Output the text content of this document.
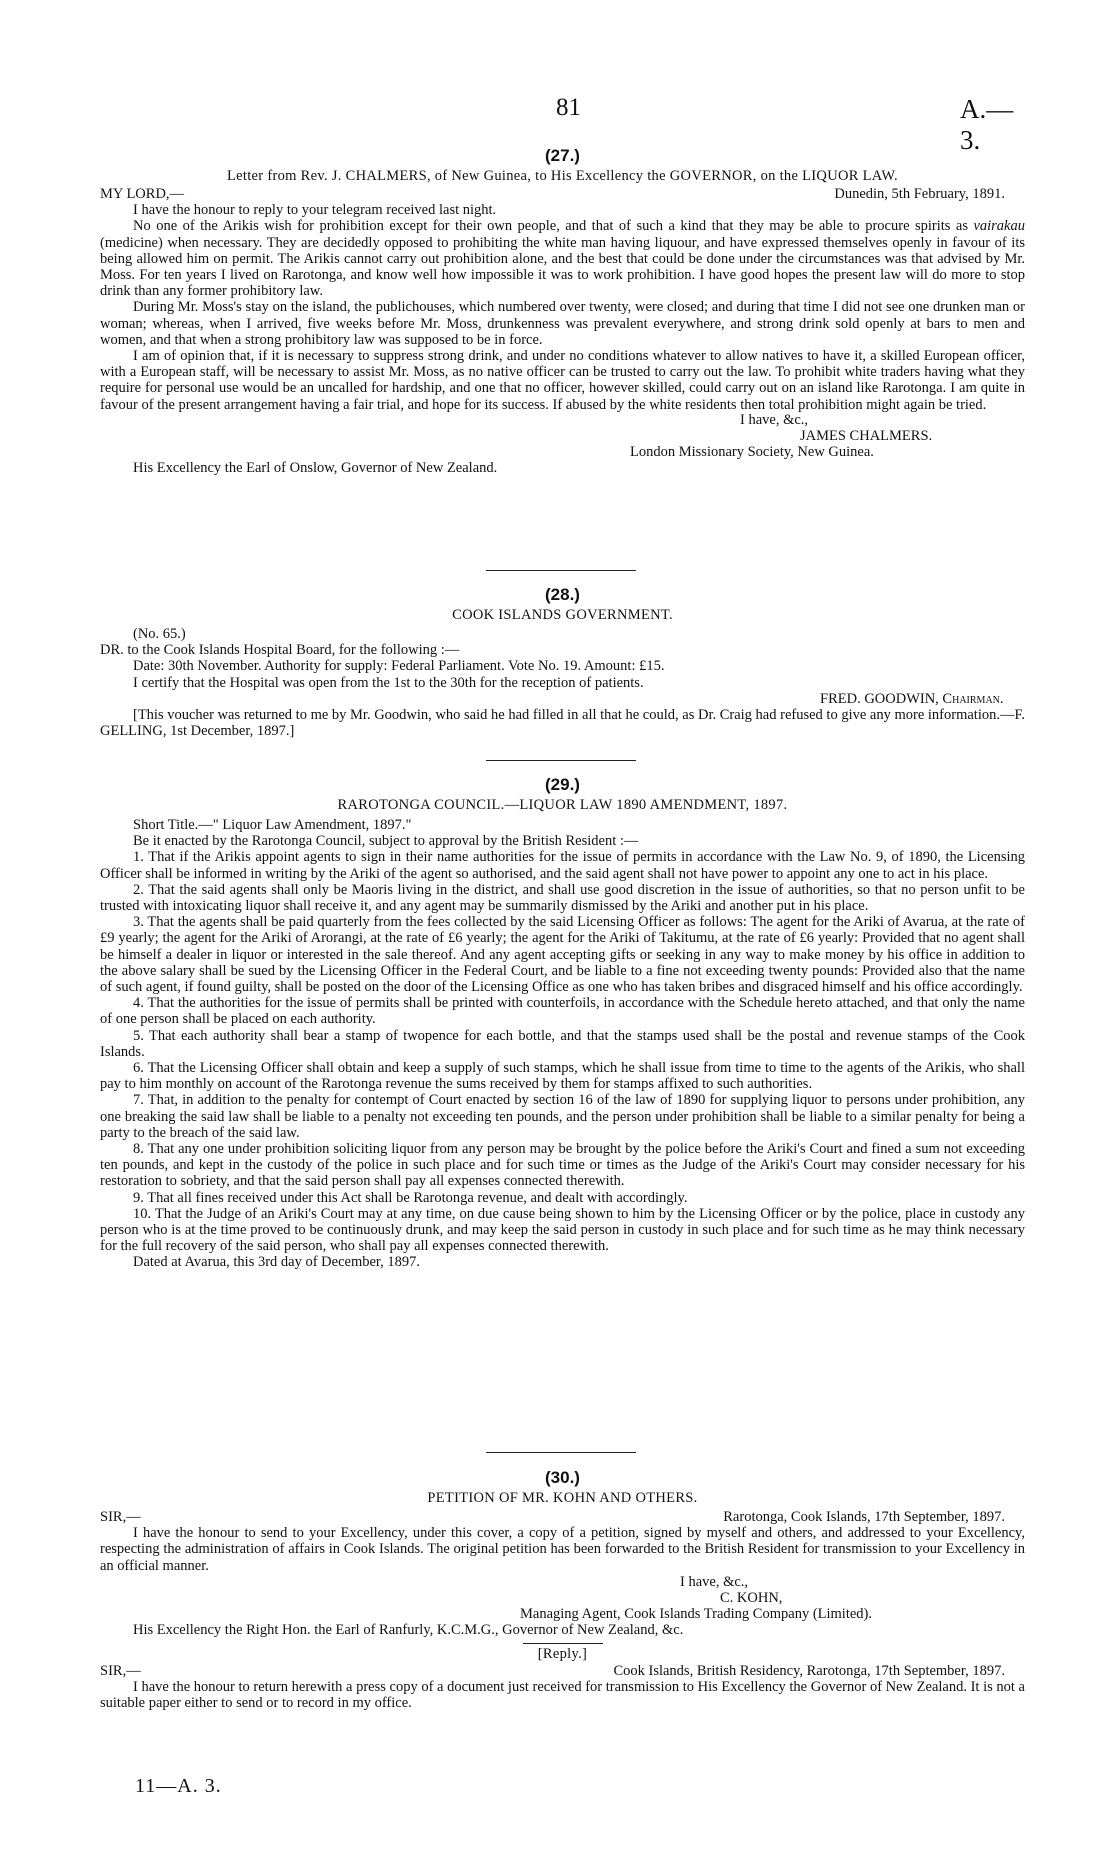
81	A.—3.
(27.)
Letter from Rev. J. CHALMERS, of New Guinea, to His Excellency the GOVERNOR, on the LIQUOR LAW.
MY LORD,—	Dunedin, 5th February, 1891.

I have the honour to reply to your telegram received last night.

No one of the Arikis wish for prohibition except for their own people, and that of such a kind that they may be able to procure spirits as vairakau (medicine) when necessary. They are decidedly opposed to prohibiting the white man having liquour, and have expressed themselves openly in favour of its being allowed him on permit. The Arikis cannot carry out prohibition alone, and the best that could be done under the circumstances was that advised by Mr. Moss. For ten years I lived on Rarotonga, and know well how impossible it was to work prohibition. I have good hopes the present law will do more to stop drink than any former prohibitory law.

During Mr. Moss's stay on the island, the publichouses, which numbered over twenty, were closed; and during that time I did not see one drunken man or woman; whereas, when I arrived, five weeks before Mr. Moss, drunkenness was prevalent everywhere, and strong drink sold openly at bars to men and women, and that when a strong prohibitory law was supposed to be in force.

I am of opinion that, if it is necessary to suppress strong drink, and under no conditions whatever to allow natives to have it, a skilled European officer, with a European staff, will be necessary to assist Mr. Moss, as no native officer can be trusted to carry out the law. To prohibit white traders having what they require for personal use would be an uncalled for hardship, and one that no officer, however skilled, could carry out on an island like Rarotonga. I am quite in favour of the present arrangement having a fair trial, and hope for its success. If abused by the white residents then total prohibition might again be tried.

I have, &c.,
JAMES CHALMERS.
London Missionary Society, New Guinea.
His Excellency the Earl of Onslow, Governor of New Zealand.
(28.)
COOK ISLANDS GOVERNMENT.
(No. 65.)
DR. to the Cook Islands Hospital Board, for the following :—
Date: 30th November. Authority for supply: Federal Parliament. Vote No. 19. Amount: £15.
I certify that the Hospital was open from the 1st to the 30th for the reception of patients.
FRED. GOODWIN, Chairman.

[This voucher was returned to me by Mr. Goodwin, who said he had filled in all that he could, as Dr. Craig had refused to give any more information.—F. GELLING, 1st December, 1897.]

(29.)
RAROTONGA COUNCIL.—LIQUOR LAW 1890 AMENDMENT, 1897.

Short Title.—" Liquor Law Amendment, 1897."

Be it enacted by the Rarotonga Council, subject to approval by the British Resident :—

1. That if the Arikis appoint agents to sign in their name authorities for the issue of permits in accordance with the Law No. 9, of 1890, the Licensing Officer shall be informed in writing by the Ariki of the agent so authorised, and the said agent shall not have power to appoint any one to act in his place.

2. That the said agents shall only be Maoris living in the district, and shall use good discretion in the issue of authorities, so that no person unfit to be trusted with intoxicating liquor shall receive it, and any agent may be summarily dismissed by the Ariki and another put in his place.

3. That the agents shall be paid quarterly from the fees collected by the said Licensing Officer as follows: The agent for the Ariki of Avarua, at the rate of £9 yearly; the agent for the Ariki of Arorangi, at the rate of £6 yearly; the agent for the Ariki of Takitumu, at the rate of £6 yearly: Provided that no agent shall be himself a dealer in liquor or interested in the sale thereof. And any agent accepting gifts or seeking in any way to make money by his office in addition to the above salary shall be sued by the Licensing Officer in the Federal Court, and be liable to a fine not exceeding twenty pounds: Provided also that the name of such agent, if found guilty, shall be posted on the door of the Licensing Office as one who has taken bribes and disgraced himself and his office accordingly.

4. That the authorities for the issue of permits shall be printed with counterfoils, in accordance with the Schedule hereto attached, and that only the name of one person shall be placed on each authority.

5. That each authority shall bear a stamp of twopence for each bottle, and that the stamps used shall be the postal and revenue stamps of the Cook Islands.

6. That the Licensing Officer shall obtain and keep a supply of such stamps, which he shall issue from time to time to the agents of the Arikis, who shall pay to him monthly on account of the Rarotonga revenue the sums received by them for stamps affixed to such authorities.

7. That, in addition to the penalty for contempt of Court enacted by section 16 of the law of 1890 for supplying liquor to persons under prohibition, any one breaking the said law shall be liable to a penalty not exceeding ten pounds, and the person under prohibition shall be liable to a similar penalty for being a party to the breach of the said law.

8. That any one under prohibition soliciting liquor from any person may be brought by the police before the Ariki's Court and fined a sum not exceeding ten pounds, and kept in the custody of the police in such place and for such time or times as the Judge of the Ariki's Court may consider necessary for his restoration to sobriety, and that the said person shall pay all expenses connected therewith.

9. That all fines received under this Act shall be Rarotonga revenue, and dealt with accordingly.

10. That the Judge of an Ariki's Court may at any time, on due cause being shown to him by the Licensing Officer or by the police, place in custody any person who is at the time proved to be continuously drunk, and may keep the said person in custody in such place and for such time as he may think necessary for the full recovery of the said person, who shall pay all expenses connected therewith.

Dated at Avarua, this 3rd day of December, 1897.

(30.)
PETITION OF MR. KOHN AND OTHERS.
SIR,—	Rarotonga, Cook Islands, 17th September, 1897.

I have the honour to send to your Excellency, under this cover, a copy of a petition, signed by myself and others, and addressed to your Excellency, respecting the administration of affairs in Cook Islands. The original petition has been forwarded to the British Resident for transmission to your Excellency in an official manner.

I have, &c.,
C. KOHN,
Managing Agent, Cook Islands Trading Company (Limited).
His Excellency the Right Hon. the Earl of Ranfurly, K.C.M.G., Governor of New Zealand, &c.
[Reply.]
SIR,—	Cook Islands, British Residency, Rarotonga, 17th September, 1897.

I have the honour to return herewith a press copy of a document just received for transmission to His Excellency the Governor of New Zealand. It is not a suitable paper either to send or to record in my office.

11—A. 3.
